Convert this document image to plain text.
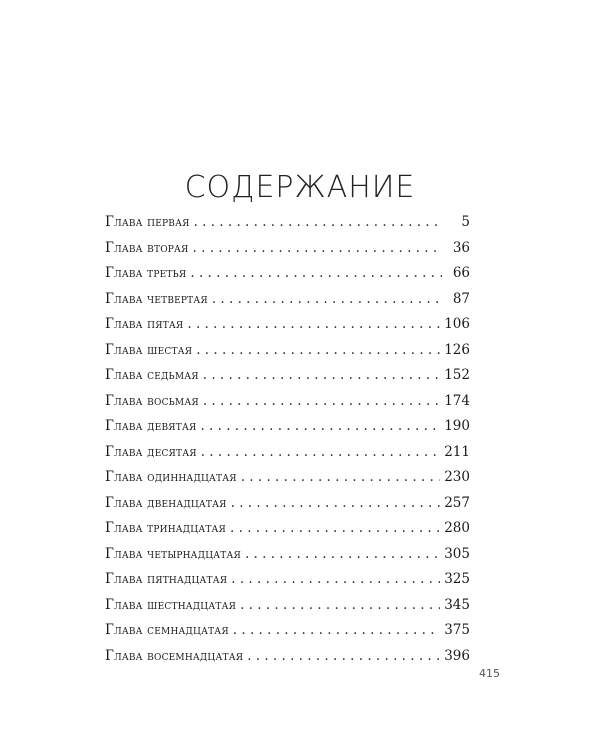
СОДЕРЖАНИЕ
Глава первая . . .	5
Глава вторая . . .	36
Глава третья . . .	66
Глава четвертая . . .	87
Глава пятая . . .	106
Глава шестая . . .	126
Глава седьмая . . .	152
Глава восьмая . . .	174
Глава девятая . . .	190
Глава десятая . . .	211
Глава одиннадцатая . . .	230
Глава двенадцатая . . .	257
Глава тринадцатая . . .	280
Глава четырнадцатая . . .	305
Глава пятнадцатая . . .	325
Глава шестнадцатая . . .	345
Глава семнадцатая . . .	375
Глава восемнадцатая . . .	396
415
